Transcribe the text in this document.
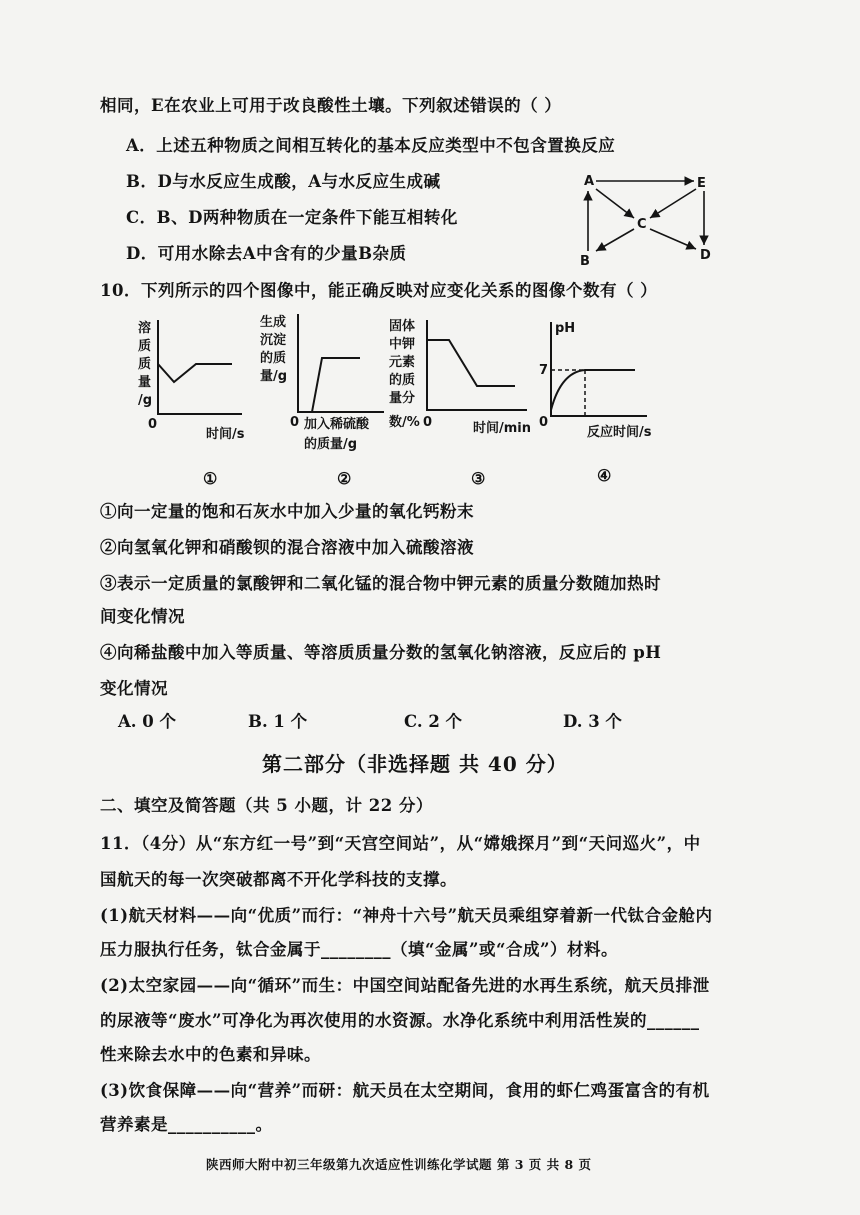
相同，E在农业上可用于改良酸性土壤。下列叙述错误的（ ）
A．上述五种物质之间相互转化的基本反应类型中不包含置换反应
B．D与水反应生成酸，A与水反应生成碱
C．B、D两种物质在一定条件下能互相转化
D．可用水除去A中含有的少量B杂质
A	E
C
B	D
10．下列所示的四个图像中，能正确反映对应变化关系的图像个数有（ ）
溶
质
质
量
/g
0
时间/s
生成
沉淀
的质
量/g
0 加入稀硫酸
的质量/g
固体
中钾
元素
的质
量分
数/% 0	时间/min
pH
7
0
反应时间/s
①	②	③	④
①向一定量的饱和石灰水中加入少量的氧化钙粉末
②向氢氧化钾和硝酸钡的混合溶液中加入硫酸溶液
③表示一定质量的氯酸钾和二氧化锰的混合物中钾元素的质量分数随加热时
间变化情况
④向稀盐酸中加入等质量、等溶质质量分数的氢氧化钠溶液，反应后的 pH
变化情况
A. 0 个	B. 1 个	C. 2 个	D. 3 个
第二部分（非选择题 共 40 分）
二、填空及简答题（共 5 小题，计 22 分）
11．（4分）从“东方红一号”到“天宫空间站”，从“嫦娥探月”到“天问巡火”，中
国航天的每一次突破都离不开化学科技的支撑。
(1)航天材料——向“优质”而行：“神舟十六号”航天员乘组穿着新一代钛合金舱内
压力服执行任务，钛合金属于________（填“金属”或“合成”）材料。
(2)太空家园——向“循环”而生：中国空间站配备先进的水再生系统，航天员排泄
的尿液等“废水”可净化为再次使用的水资源。水净化系统中利用活性炭的______
性来除去水中的色素和异味。
(3)饮食保障——向“营养”而研：航天员在太空期间，食用的虾仁鸡蛋富含的有机
营养素是__________。
陕西师大附中初三年级第九次适应性训练化学试题 第 3 页 共 8 页
